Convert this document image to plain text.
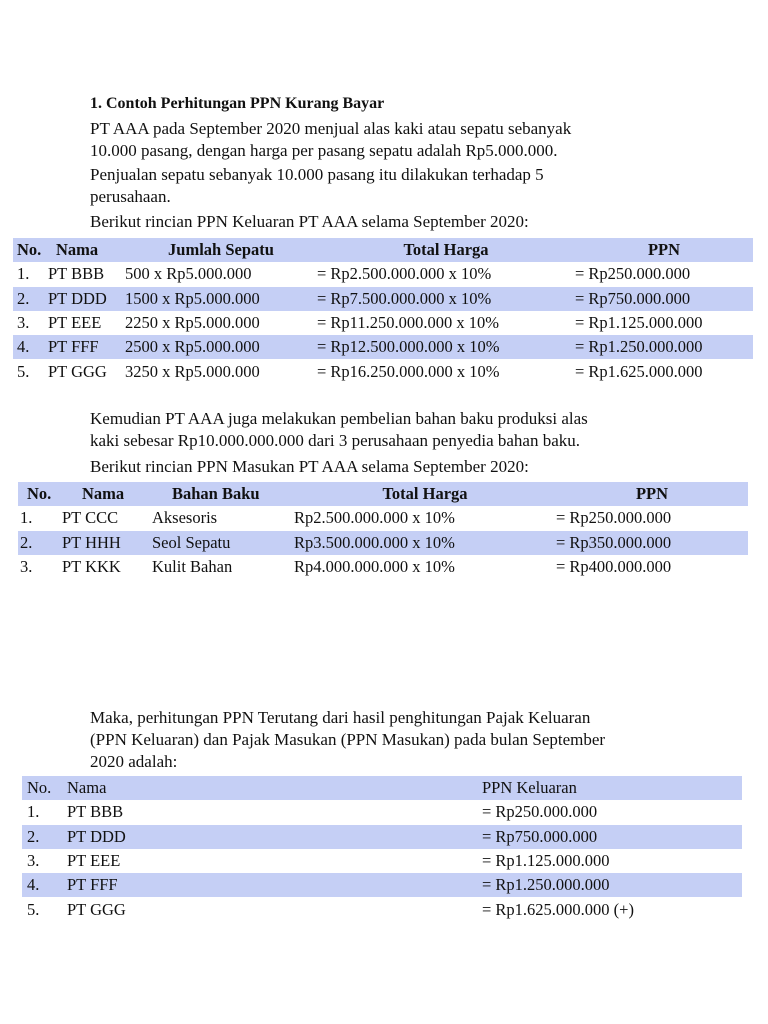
1. Contoh Perhitungan PPN Kurang Bayar

PT AAA pada September 2020 menjual alas kaki atau sepatu sebanyak
10.000 pasang, dengan harga per pasang sepatu adalah Rp5.000.000.

Penjualan sepatu sebanyak 10.000 pasang itu dilakukan terhadap 5
perusahaan.

Berikut rincian PPN Keluaran PT AAA selama September 2020:

No.	Nama	Jumlah Sepatu	Total Harga	PPN
1.	PT BBB	500 x Rp5.000.000	= Rp2.500.000.000 x 10%	= Rp250.000.000
2.	PT DDD	1500 x Rp5.000.000	= Rp7.500.000.000 x 10%	= Rp750.000.000
3.	PT EEE	2250 x Rp5.000.000	= Rp11.250.000.000 x 10%	= Rp1.125.000.000
4.	PT FFF	2500 x Rp5.000.000	= Rp12.500.000.000 x 10%	= Rp1.250.000.000
5.	PT GGG	3250 x Rp5.000.000	= Rp16.250.000.000 x 10%	= Rp1.625.000.000

Kemudian PT AAA juga melakukan pembelian bahan baku produksi alas
kaki sebesar Rp10.000.000.000 dari 3 perusahaan penyedia bahan baku.

Berikut rincian PPN Masukan PT AAA selama September 2020:

No.	Nama	Bahan Baku	Total Harga	PPN
1.	PT CCC	Aksesoris	Rp2.500.000.000 x 10%	= Rp250.000.000
2.	PT HHH	Seol Sepatu	Rp3.500.000.000 x 10%	= Rp350.000.000
3.	PT KKK	Kulit Bahan	Rp4.000.000.000 x 10%	= Rp400.000.000

Maka, perhitungan PPN Terutang dari hasil penghitungan Pajak Keluaran
(PPN Keluaran) dan Pajak Masukan (PPN Masukan) pada bulan September
2020 adalah:

No.	Nama	PPN Keluaran
1.	PT BBB	= Rp250.000.000
2.	PT DDD	= Rp750.000.000
3.	PT EEE	= Rp1.125.000.000
4.	PT FFF	= Rp1.250.000.000
5.	PT GGG	= Rp1.625.000.000 (+)
